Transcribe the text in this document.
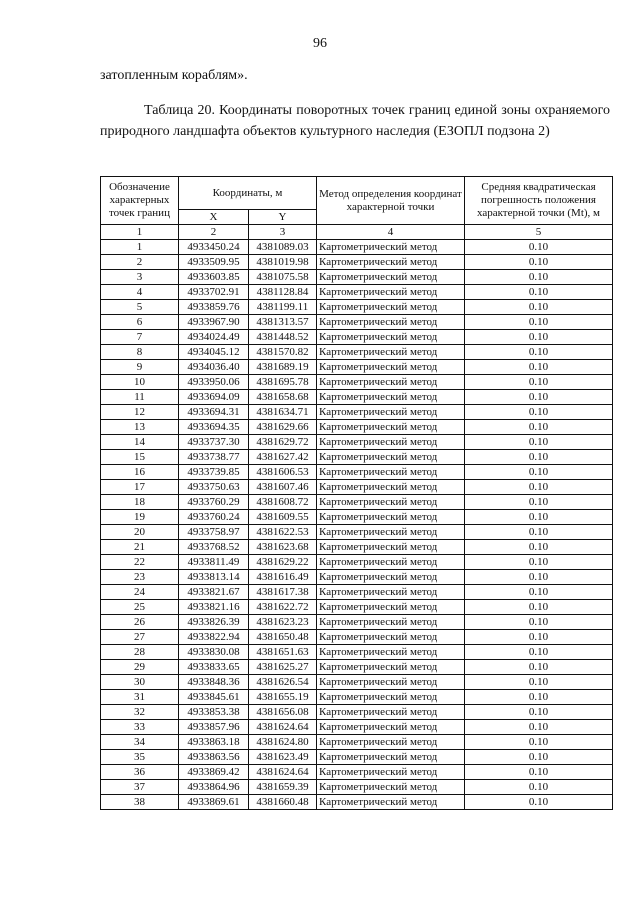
96
затопленным кораблям».
Таблица 20. Координаты поворотных точек границ единой зоны охраняемого природного ландшафта объектов культурного наследия (ЕЗОПЛ подзона 2)
Обозначение характерных точек границ	Координаты, м		Метод определения координат характерной точки	Средняя квадратическая погрешность положения характерной точки (Mt), м
	X	Y		
1	2	3	4	5
1	4933450.24	4381089.03	Картометрический метод	0.10
2	4933509.95	4381019.98	Картометрический метод	0.10
3	4933603.85	4381075.58	Картометрический метод	0.10
4	4933702.91	4381128.84	Картометрический метод	0.10
5	4933859.76	4381199.11	Картометрический метод	0.10
6	4933967.90	4381313.57	Картометрический метод	0.10
7	4934024.49	4381448.52	Картометрический метод	0.10
8	4934045.12	4381570.82	Картометрический метод	0.10
9	4934036.40	4381689.19	Картометрический метод	0.10
10	4933950.06	4381695.78	Картометрический метод	0.10
11	4933694.09	4381658.68	Картометрический метод	0.10
12	4933694.31	4381634.71	Картометрический метод	0.10
13	4933694.35	4381629.66	Картометрический метод	0.10
14	4933737.30	4381629.72	Картометрический метод	0.10
15	4933738.77	4381627.42	Картометрический метод	0.10
16	4933739.85	4381606.53	Картометрический метод	0.10
17	4933750.63	4381607.46	Картометрический метод	0.10
18	4933760.29	4381608.72	Картометрический метод	0.10
19	4933760.24	4381609.55	Картометрический метод	0.10
20	4933758.97	4381622.53	Картометрический метод	0.10
21	4933768.52	4381623.68	Картометрический метод	0.10
22	4933811.49	4381629.22	Картометрический метод	0.10
23	4933813.14	4381616.49	Картометрический метод	0.10
24	4933821.67	4381617.38	Картометрический метод	0.10
25	4933821.16	4381622.72	Картометрический метод	0.10
26	4933826.39	4381623.23	Картометрический метод	0.10
27	4933822.94	4381650.48	Картометрический метод	0.10
28	4933830.08	4381651.63	Картометрический метод	0.10
29	4933833.65	4381625.27	Картометрический метод	0.10
30	4933848.36	4381626.54	Картометрический метод	0.10
31	4933845.61	4381655.19	Картометрический метод	0.10
32	4933853.38	4381656.08	Картометрический метод	0.10
33	4933857.96	4381624.64	Картометрический метод	0.10
34	4933863.18	4381624.80	Картометрический метод	0.10
35	4933863.56	4381623.49	Картометрический метод	0.10
36	4933869.42	4381624.64	Картометрический метод	0.10
37	4933864.96	4381659.39	Картометрический метод	0.10
38	4933869.61	4381660.48	Картометрический метод	0.10
